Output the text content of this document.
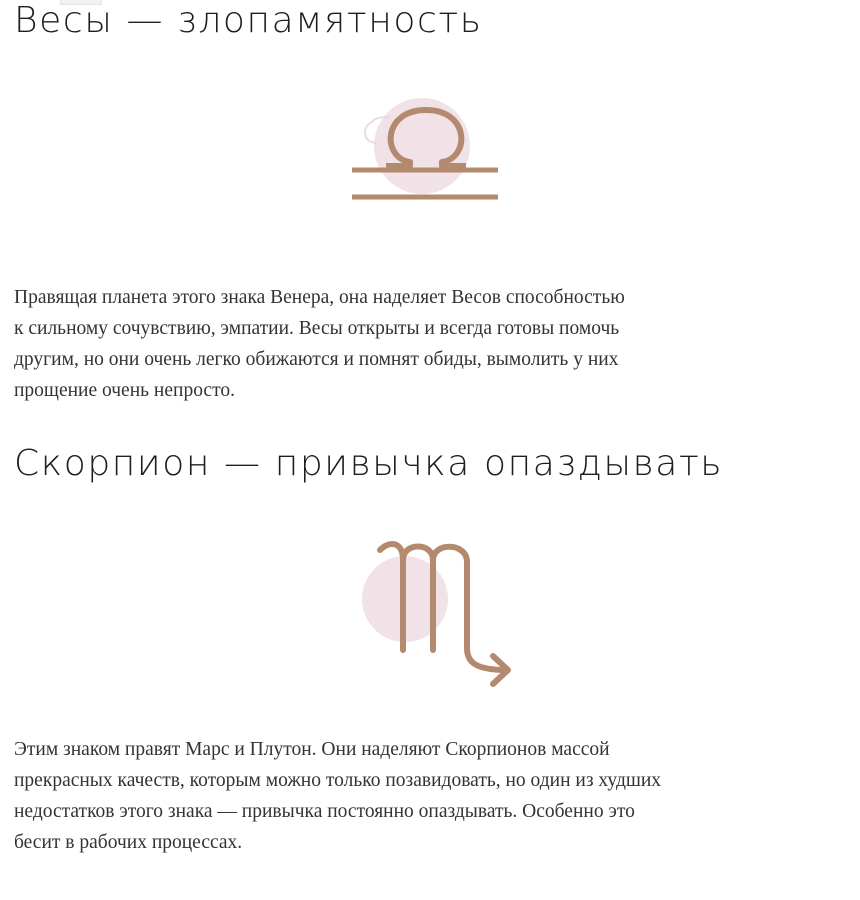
Весы — злопамятность

Правящая планета этого знака Венера, она наделяет Весов способностью
к сильному сочувствию, эмпатии. Весы открыты и всегда готовы помочь
другим, но они очень легко обижаются и помнят обиды, вымолить у них
прощение очень непросто.

Скорпион — привычка опаздывать

Этим знаком правят Марс и Плутон. Они наделяют Скорпионов массой
прекрасных качеств, которым можно только позавидовать, но один из худших
недостатков этого знака — привычка постоянно опаздывать. Особенно это
бесит в рабочих процессах.
